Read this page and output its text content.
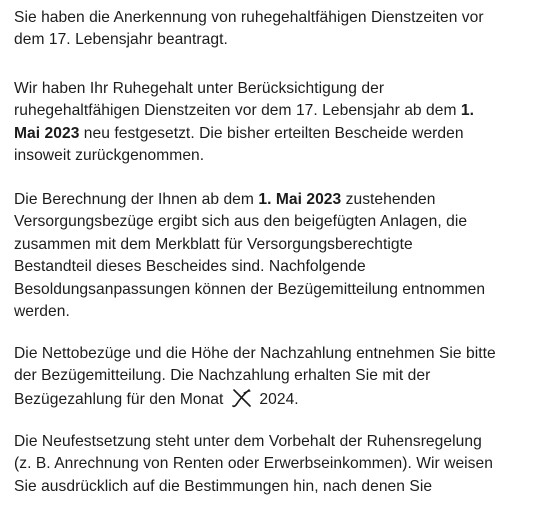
Sie haben die Anerkennung von ruhegehaltfähigen Dienstzeiten vor
dem 17. Lebensjahr beantragt.

Wir haben Ihr Ruhegehalt unter Berücksichtigung der
ruhegehaltfähigen Dienstzeiten vor dem 17. Lebensjahr ab dem 1.
Mai 2023 neu festgesetzt. Die bisher erteilten Bescheide werden
insoweit zurückgenommen.

Die Berechnung der Ihnen ab dem 1. Mai 2023 zustehenden
Versorgungsbezüge ergibt sich aus den beigefügten Anlagen, die
zusammen mit dem Merkblatt für Versorgungsberechtigte
Bestandteil dieses Bescheides sind. Nachfolgende
Besoldungsanpassungen können der Bezügemitteilung entnommen
werden.

Die Nettobezüge und die Höhe der Nachzahlung entnehmen Sie bitte
der Bezügemitteilung. Die Nachzahlung erhalten Sie mit der
Bezügezahlung für den Monat 2024.

Die Neufestsetzung steht unter dem Vorbehalt der Ruhensregelung
(z. B. Anrechnung von Renten oder Erwerbseinkommen). Wir weisen
Sie ausdrücklich auf die Bestimmungen hin, nach denen Sie
